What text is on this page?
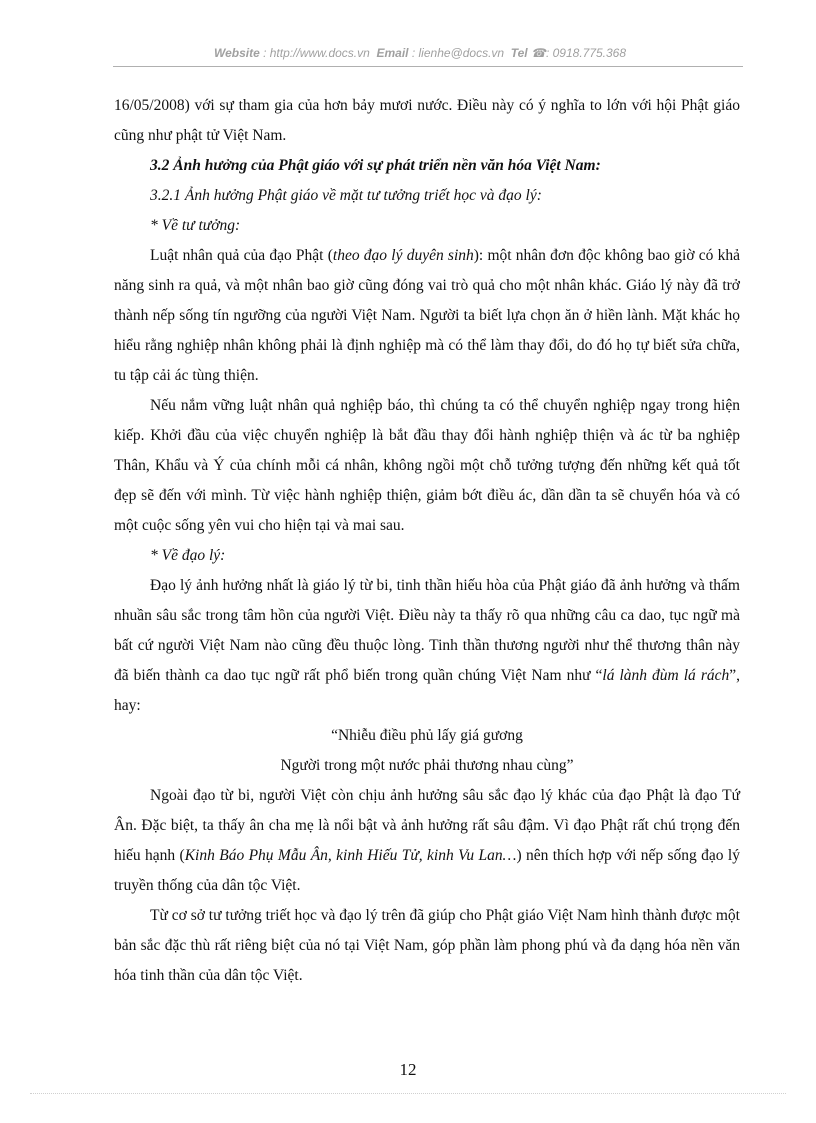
Website : http://www.docs.vn Email : lienhe@docs.vn Tel ☎: 0918.775.368

16/05/2008) với sự tham gia của hơn bảy mươi nước. Điều này có ý nghĩa to lớn với hội Phật giáo cũng như phật tử Việt Nam.

3.2 Ảnh hưởng của Phật giáo với sự phát triển nền văn hóa Việt Nam:

3.2.1 Ảnh hưởng Phật giáo về mặt tư tưởng triết học và đạo lý:

* Về tư tưởng:

Luật nhân quả của đạo Phật (theo đạo lý duyên sinh): một nhân đơn độc không bao giờ có khả năng sinh ra quả, và một nhân bao giờ cũng đóng vai trò quả cho một nhân khác. Giáo lý này đã trở thành nếp sống tín ngưỡng của người Việt Nam. Người ta biết lựa chọn ăn ở hiền lành. Mặt khác họ hiểu rằng nghiệp nhân không phải là định nghiệp mà có thể làm thay đổi, do đó họ tự biết sửa chữa, tu tập cải ác tùng thiện.

Nếu nắm vững luật nhân quả nghiệp báo, thì chúng ta có thể chuyển nghiệp ngay trong hiện kiếp. Khởi đầu của việc chuyển nghiệp là bắt đầu thay đổi hành nghiệp thiện và ác từ ba nghiệp Thân, Khẩu và Ý của chính mỗi cá nhân, không ngồi một chỗ tưởng tượng đến những kết quả tốt đẹp sẽ đến với mình. Từ việc hành nghiệp thiện, giảm bớt điều ác, dần dần ta sẽ chuyển hóa và có một cuộc sống yên vui cho hiện tại và mai sau.

* Về đạo lý:

Đạo lý ảnh hưởng nhất là giáo lý từ bi, tinh thần hiếu hòa của Phật giáo đã ảnh hưởng và thấm nhuần sâu sắc trong tâm hồn của người Việt. Điều này ta thấy rõ qua những câu ca dao, tục ngữ mà bất cứ người Việt Nam nào cũng đều thuộc lòng. Tinh thần thương người như thể thương thân này đã biến thành ca dao tục ngữ rất phổ biến trong quần chúng Việt Nam như “lá lành đùm lá rách”, hay:

“Nhiễu điều phủ lấy giá gương

Người trong một nước phải thương nhau cùng”

Ngoài đạo từ bi, người Việt còn chịu ảnh hưởng sâu sắc đạo lý khác của đạo Phật là đạo Tứ Ân. Đặc biệt, ta thấy ân cha mẹ là nổi bật và ảnh hưởng rất sâu đậm. Vì đạo Phật rất chú trọng đến hiếu hạnh (Kinh Báo Phụ Mẫu Ân, kinh Hiếu Tử, kinh Vu Lan…) nên thích hợp với nếp sống đạo lý truyền thống của dân tộc Việt.

Từ cơ sở tư tưởng triết học và đạo lý trên đã giúp cho Phật giáo Việt Nam hình thành được một bản sắc đặc thù rất riêng biệt của nó tại Việt Nam, góp phần làm phong phú và đa dạng hóa nền văn hóa tinh thần của dân tộc Việt.

12
